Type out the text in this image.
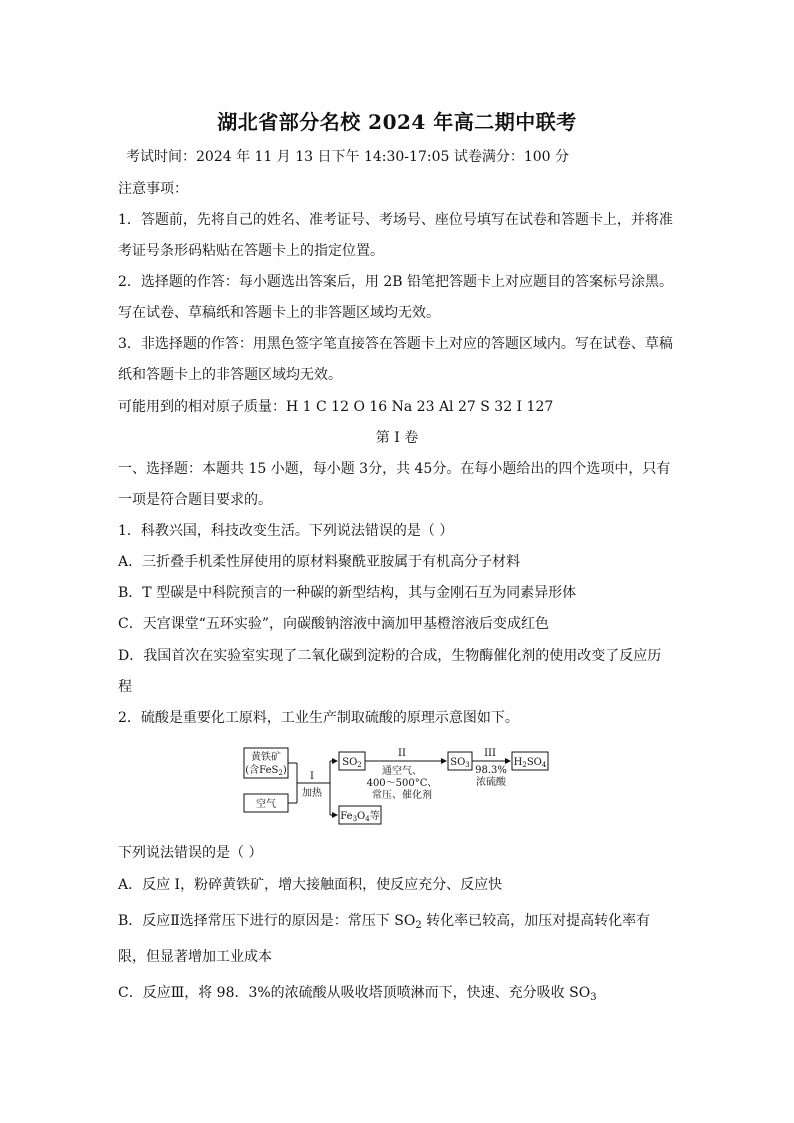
湖北省部分名校 2024 年高二期中联考
考试时间：2024 年 11 月 13 日下午 14:30-17:05 试卷满分：100 分
注意事项：
1．答题前，先将自己的姓名、准考证号、考场号、座位号填写在试卷和答题卡上，并将准
考证号条形码粘贴在答题卡上的指定位置。
2．选择题的作答：每小题选出答案后，用 2B 铅笔把答题卡上对应题目的答案标号涂黑。
写在试卷、草稿纸和答题卡上的非答题区域均无效。
3．非选择题的作答：用黑色签字笔直接答在答题卡上对应的答题区域内。写在试卷、草稿
纸和答题卡上的非答题区域均无效。
可能用到的相对原子质量：H 1 C 12 O 16 Na 23 Al 27 S 32 I 127
第 I 卷
一、选择题：本题共 15 小题，每小题 3分，共 45分。在每小题给出的四个选项中，只有
一项是符合题目要求的。
1．科教兴国，科技改变生活。下列说法错误的是（ ）
A．三折叠手机柔性屏使用的原材料聚酰亚胺属于有机高分子材料
B．T 型碳是中科院预言的一种碳的新型结构，其与金刚石互为同素异形体
C．天宫课堂“五环实验”，向碳酸钠溶液中滴加甲基橙溶液后变成红色
D．我国首次在实验室实现了二氧化碳到淀粉的合成，生物酶催化剂的使用改变了反应历
程
2．硫酸是重要化工原料，工业生产制取硫酸的原理示意图如下。
黄铁矿
(含FeS$_2$)
空气
I
加热
$SO_2$
$Fe_3O_4$等
II
通空气、
400～500°C、
常压、催化剂
$SO_3$
III
98.3%
浓硫酸
$H_2SO_4$
下列说法错误的是（ ）
A．反应 I，粉碎黄铁矿，增大接触面积，使反应充分、反应快
B．反应Ⅱ选择常压下进行的原因是：常压下 $SO_2$ 转化率已较高，加压对提高转化率有
限，但显著增加工业成本
C．反应Ⅲ，将 98．3%的浓硫酸从吸收塔顶喷淋而下，快速、充分吸收 $SO_3$
